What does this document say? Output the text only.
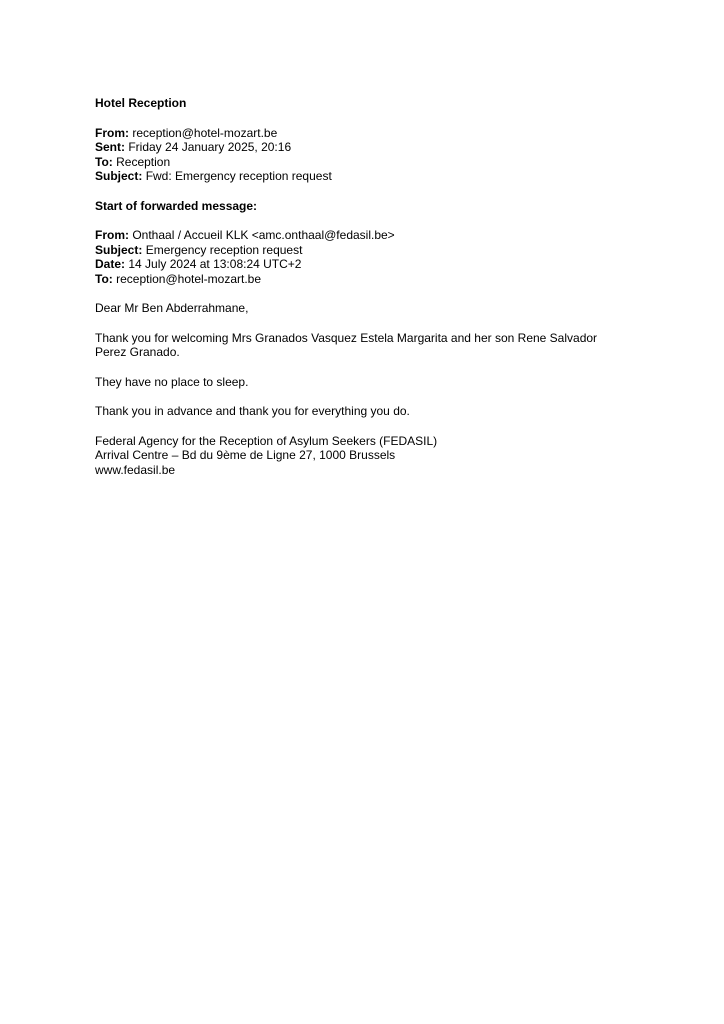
Hotel Reception
From: reception@hotel-mozart.be
Sent: Friday 24 January 2025, 20:16
To: Reception
Subject: Fwd: Emergency reception request
Start of forwarded message:
From: Onthaal / Accueil KLK <amc.onthaal@fedasil.be>
Subject: Emergency reception request
Date: 14 July 2024 at 13:08:24 UTC+2
To: reception@hotel-mozart.be
Dear Mr Ben Abderrahmane,
Thank you for welcoming Mrs Granados Vasquez Estela Margarita and her son Rene Salvador
Perez Granado.
They have no place to sleep.
Thank you in advance and thank you for everything you do.
Federal Agency for the Reception of Asylum Seekers (FEDASIL)
Arrival Centre – Bd du 9ème de Ligne 27, 1000 Brussels
www.fedasil.be
